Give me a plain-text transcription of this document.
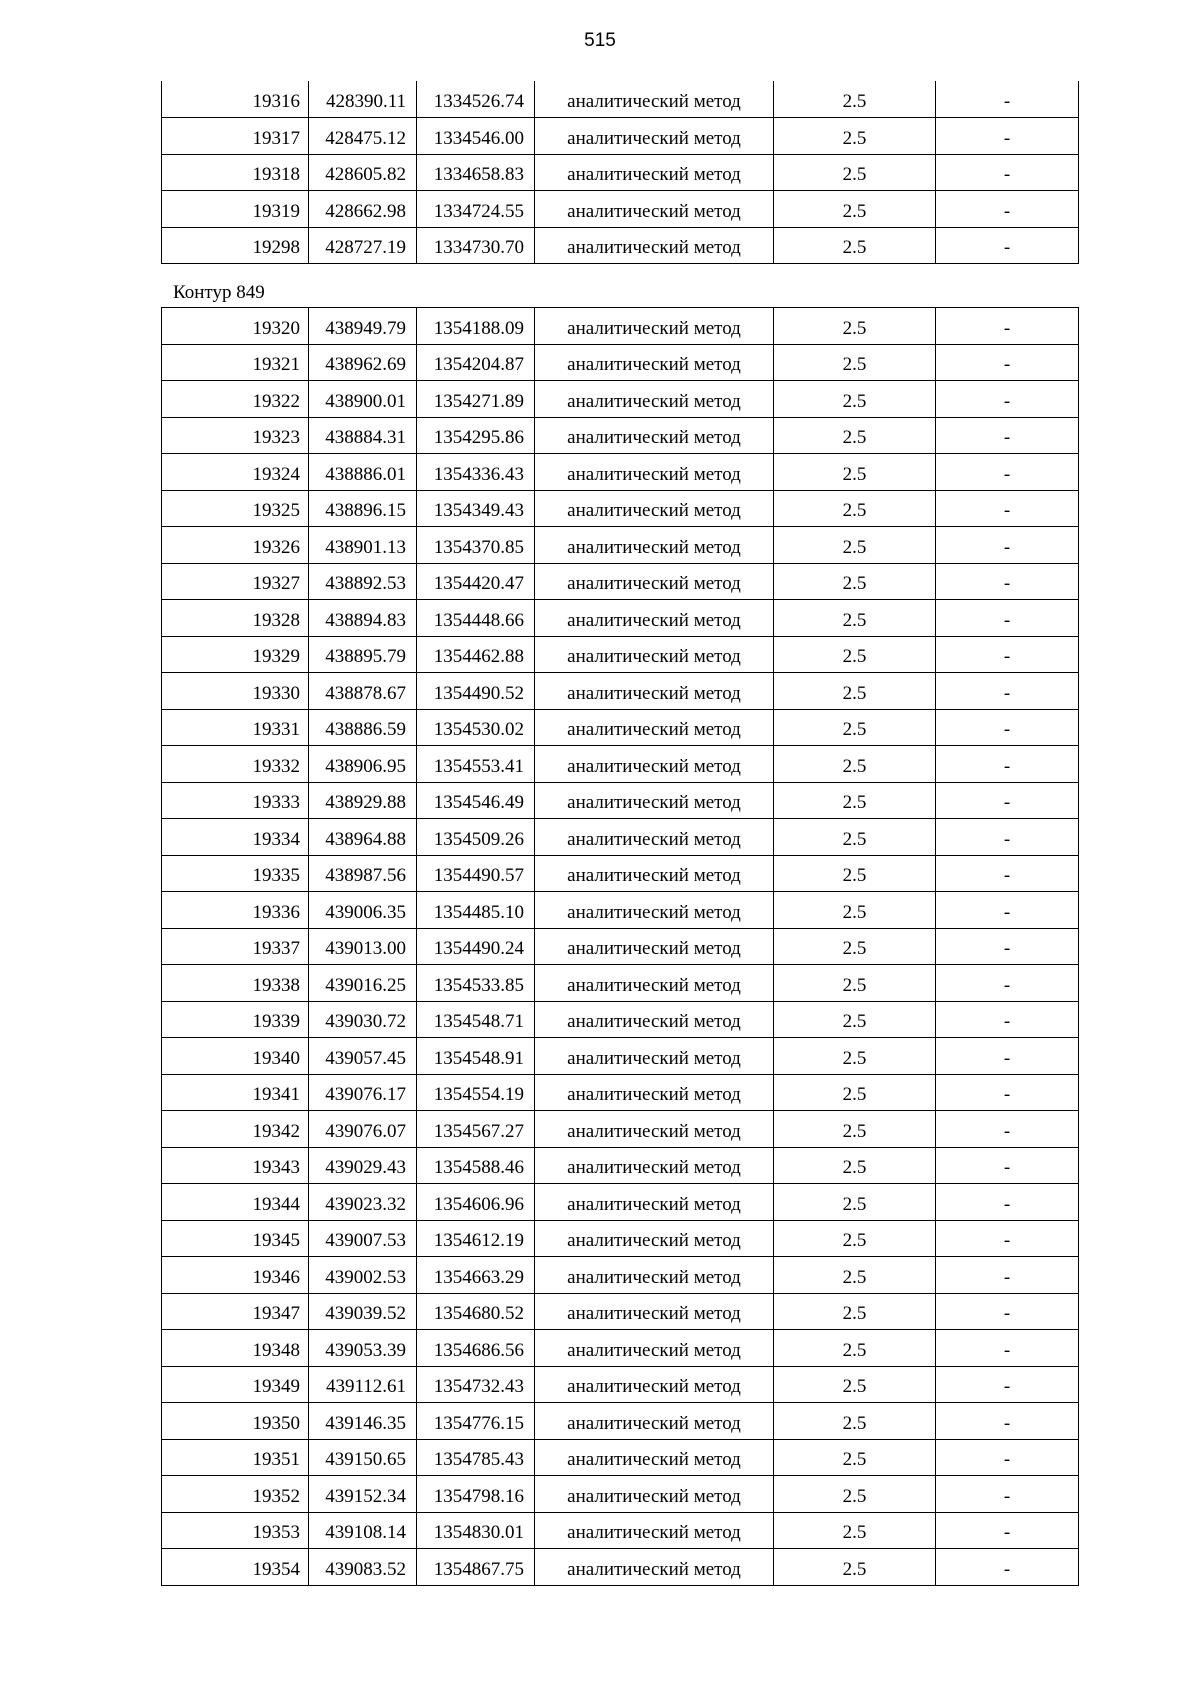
515
19316	428390.11	1334526.74	аналитический метод	2.5	-
19317	428475.12	1334546.00	аналитический метод	2.5	-
19318	428605.82	1334658.83	аналитический метод	2.5	-
19319	428662.98	1334724.55	аналитический метод	2.5	-
19298	428727.19	1334730.70	аналитический метод	2.5	-
Контур 849
19320	438949.79	1354188.09	аналитический метод	2.5	-
19321	438962.69	1354204.87	аналитический метод	2.5	-
19322	438900.01	1354271.89	аналитический метод	2.5	-
19323	438884.31	1354295.86	аналитический метод	2.5	-
19324	438886.01	1354336.43	аналитический метод	2.5	-
19325	438896.15	1354349.43	аналитический метод	2.5	-
19326	438901.13	1354370.85	аналитический метод	2.5	-
19327	438892.53	1354420.47	аналитический метод	2.5	-
19328	438894.83	1354448.66	аналитический метод	2.5	-
19329	438895.79	1354462.88	аналитический метод	2.5	-
19330	438878.67	1354490.52	аналитический метод	2.5	-
19331	438886.59	1354530.02	аналитический метод	2.5	-
19332	438906.95	1354553.41	аналитический метод	2.5	-
19333	438929.88	1354546.49	аналитический метод	2.5	-
19334	438964.88	1354509.26	аналитический метод	2.5	-
19335	438987.56	1354490.57	аналитический метод	2.5	-
19336	439006.35	1354485.10	аналитический метод	2.5	-
19337	439013.00	1354490.24	аналитический метод	2.5	-
19338	439016.25	1354533.85	аналитический метод	2.5	-
19339	439030.72	1354548.71	аналитический метод	2.5	-
19340	439057.45	1354548.91	аналитический метод	2.5	-
19341	439076.17	1354554.19	аналитический метод	2.5	-
19342	439076.07	1354567.27	аналитический метод	2.5	-
19343	439029.43	1354588.46	аналитический метод	2.5	-
19344	439023.32	1354606.96	аналитический метод	2.5	-
19345	439007.53	1354612.19	аналитический метод	2.5	-
19346	439002.53	1354663.29	аналитический метод	2.5	-
19347	439039.52	1354680.52	аналитический метод	2.5	-
19348	439053.39	1354686.56	аналитический метод	2.5	-
19349	439112.61	1354732.43	аналитический метод	2.5	-
19350	439146.35	1354776.15	аналитический метод	2.5	-
19351	439150.65	1354785.43	аналитический метод	2.5	-
19352	439152.34	1354798.16	аналитический метод	2.5	-
19353	439108.14	1354830.01	аналитический метод	2.5	-
19354	439083.52	1354867.75	аналитический метод	2.5	-
